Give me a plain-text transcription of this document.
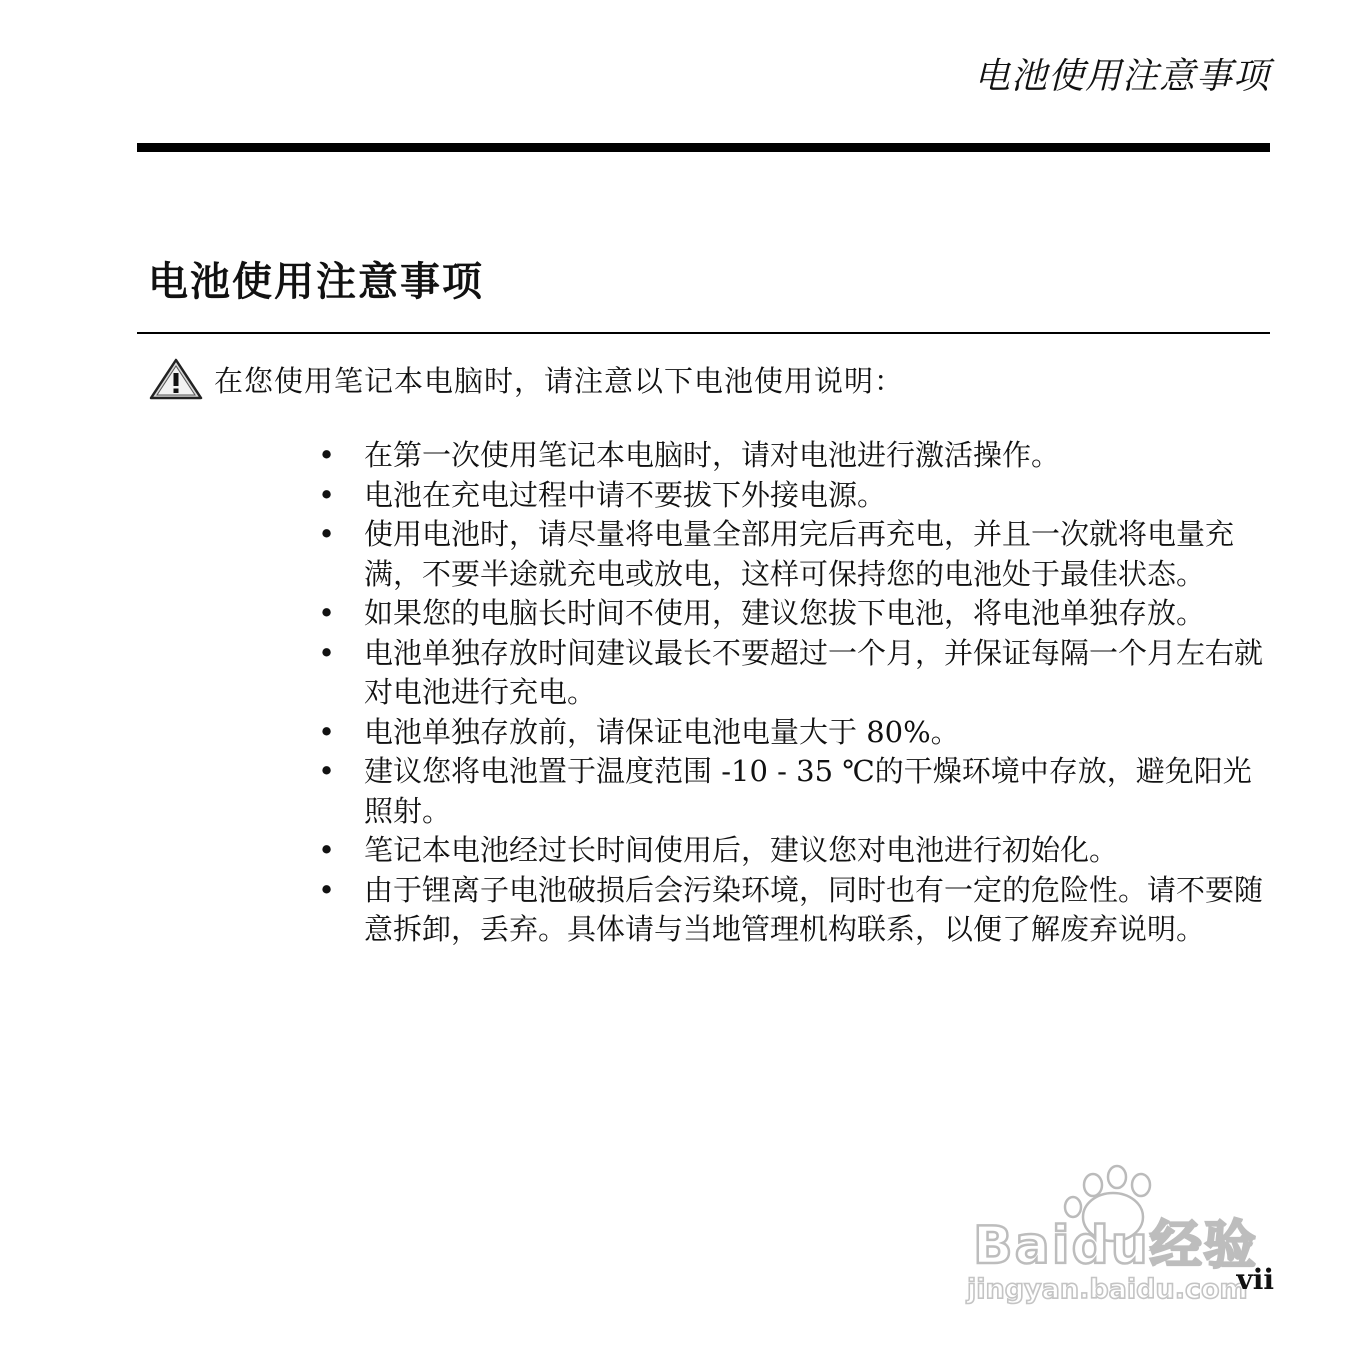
电池使用注意事项
电池使用注意事项
在您使用笔记本电脑时，请注意以下电池使用说明：
• 在第一次使用笔记本电脑时，请对电池进行激活操作。
• 电池在充电过程中请不要拔下外接电源。
• 使用电池时，请尽量将电量全部用完后再充电，并且一次就将电量充满，不要半途就充电或放电，这样可保持您的电池处于最佳状态。
• 如果您的电脑长时间不使用，建议您拔下电池，将电池单独存放。
• 电池单独存放时间建议最长不要超过一个月，并保证每隔一个月左右就对电池进行充电。
• 电池单独存放前，请保证电池电量大于 80%。
• 建议您将电池置于温度范围 -10 - 35 ℃的干燥环境中存放，避免阳光照射。
• 笔记本电池经过长时间使用后，建议您对电池进行初始化。
• 由于锂离子电池破损后会污染环境，同时也有一定的危险性。请不要随意拆卸，丢弃。具体请与当地管理机构联系，以便了解废弃说明。
Baidu经验
jingyan.baidu.com
vii
